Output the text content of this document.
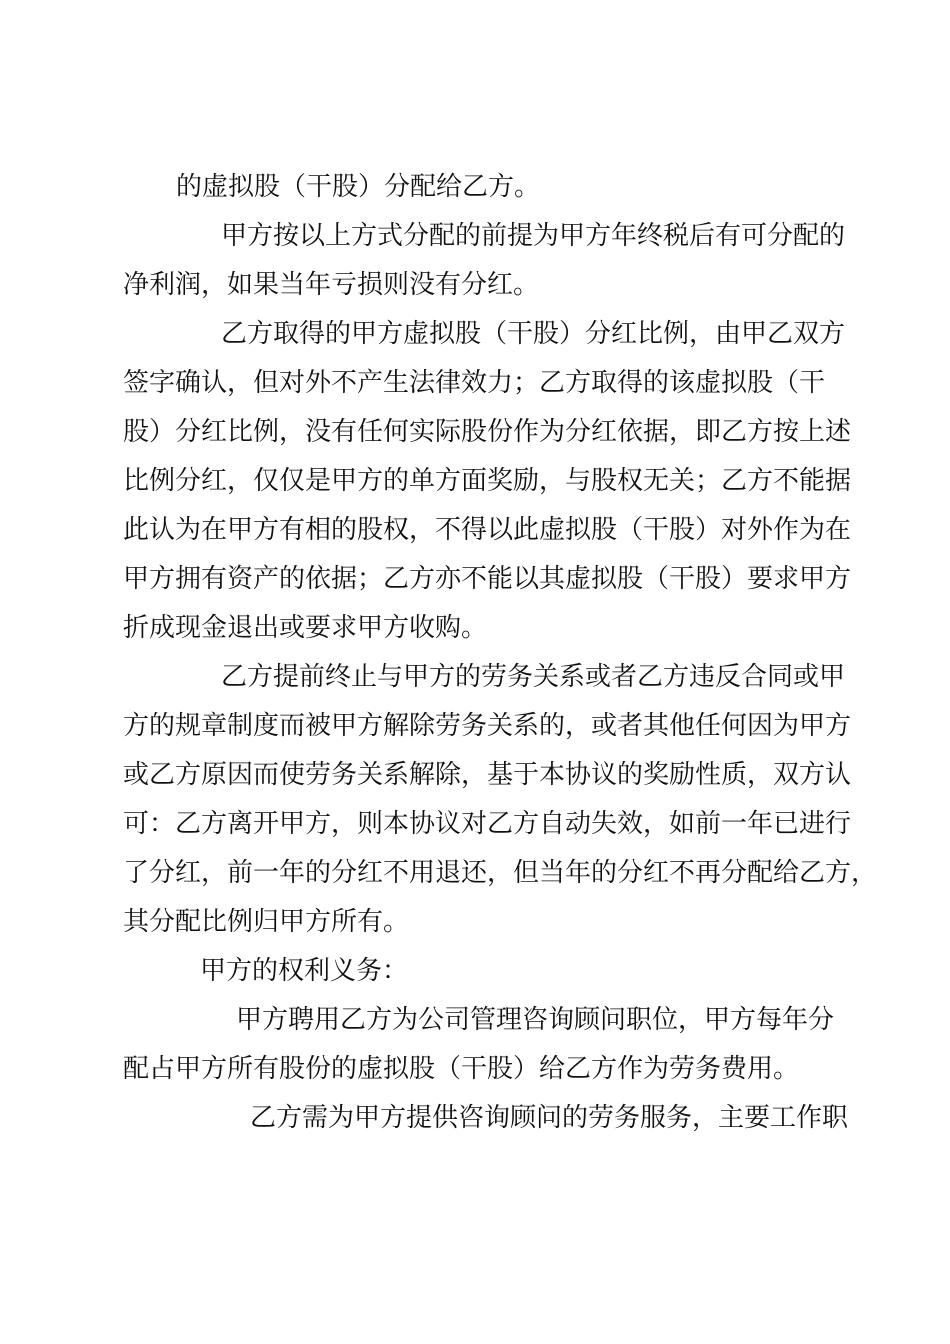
的虚拟股（干股）分配给乙方。
甲方按以上方式分配的前提为甲方年终税后有可分配的
净利润，如果当年亏损则没有分红。
乙方取得的甲方虚拟股（干股）分红比例，由甲乙双方
签字确认，但对外不产生法律效力；乙方取得的该虚拟股（干
股）分红比例，没有任何实际股份作为分红依据，即乙方按上述
比例分红，仅仅是甲方的单方面奖励，与股权无关；乙方不能据
此认为在甲方有相的股权，不得以此虚拟股（干股）对外作为在
甲方拥有资产的依据；乙方亦不能以其虚拟股（干股）要求甲方
折成现金退出或要求甲方收购。
乙方提前终止与甲方的劳务关系或者乙方违反合同或甲
方的规章制度而被甲方解除劳务关系的，或者其他任何因为甲方
或乙方原因而使劳务关系解除，基于本协议的奖励性质，双方认
可：乙方离开甲方，则本协议对乙方自动失效，如前一年已进行
了分红，前一年的分红不用退还，但当年的分红不再分配给乙方，
其分配比例归甲方所有。
甲方的权利义务：
甲方聘用乙方为公司管理咨询顾问职位，甲方每年分
配占甲方所有股份的虚拟股（干股）给乙方作为劳务费用。
乙方需为甲方提供咨询顾问的劳务服务，主要工作职
